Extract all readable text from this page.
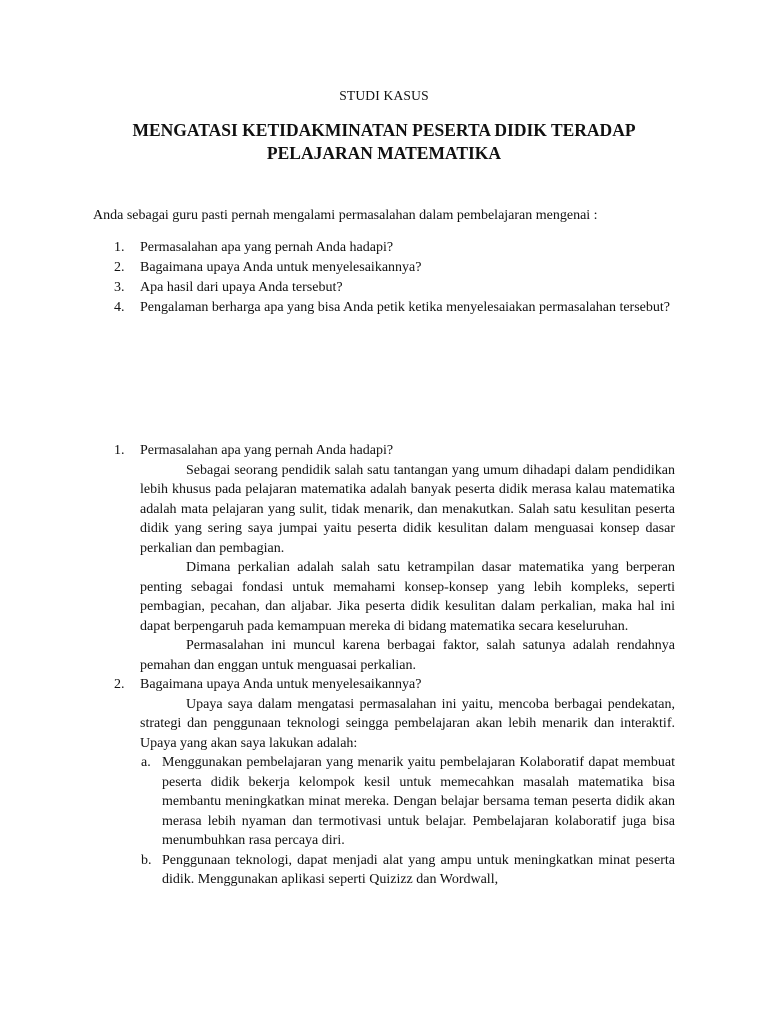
STUDI KASUS
MENGATASI KETIDAKMINATAN PESERTA DIDIK TERADAP
PELAJARAN MATEMATIKA
Anda sebagai guru pasti pernah mengalami permasalahan dalam pembelajaran mengenai :
1. Permasalahan apa yang pernah Anda hadapi?
2. Bagaimana upaya Anda untuk menyelesaikannya?
3. Apa hasil dari upaya Anda tersebut?
4. Pengalaman berharga apa yang bisa Anda petik ketika menyelesaiakan permasalahan tersebut?
1. Permasalahan apa yang pernah Anda hadapi?

Sebagai seorang pendidik salah satu tantangan yang umum dihadapi dalam pendidikan lebih khusus pada pelajaran matematika adalah banyak peserta didik merasa kalau matematika adalah mata pelajaran yang sulit, tidak menarik, dan menakutkan. Salah satu kesulitan peserta didik yang sering saya jumpai yaitu peserta didik kesulitan dalam menguasai konsep dasar perkalian dan pembagian.

Dimana perkalian adalah salah satu ketrampilan dasar matematika yang berperan penting sebagai fondasi untuk memahami konsep-konsep yang lebih kompleks, seperti pembagian, pecahan, dan aljabar. Jika peserta didik kesulitan dalam perkalian, maka hal ini dapat berpengaruh pada kemampuan mereka di bidang matematika secara keseluruhan.

Permasalahan ini muncul karena berbagai faktor, salah satunya adalah rendahnya pemahan dan enggan untuk menguasai perkalian.

2. Bagaimana upaya Anda untuk menyelesaikannya?

Upaya saya dalam mengatasi permasalahan ini yaitu, mencoba berbagai pendekatan, strategi dan penggunaan teknologi seingga pembelajaran akan lebih menarik dan interaktif. Upaya yang akan saya lakukan adalah:

a. Menggunakan pembelajaran yang menarik yaitu pembelajaran Kolaboratif dapat membuat peserta didik bekerja kelompok kesil untuk memecahkan masalah matematika bisa membantu meningkatkan minat mereka. Dengan belajar bersama teman peserta didik akan merasa lebih nyaman dan termotivasi untuk belajar. Pembelajaran kolaboratif juga bisa menumbuhkan rasa percaya diri.
b. Penggunaan teknologi, dapat menjadi alat yang ampu untuk meningkatkan minat peserta didik. Menggunakan aplikasi seperti Quizizz dan Wordwall,
